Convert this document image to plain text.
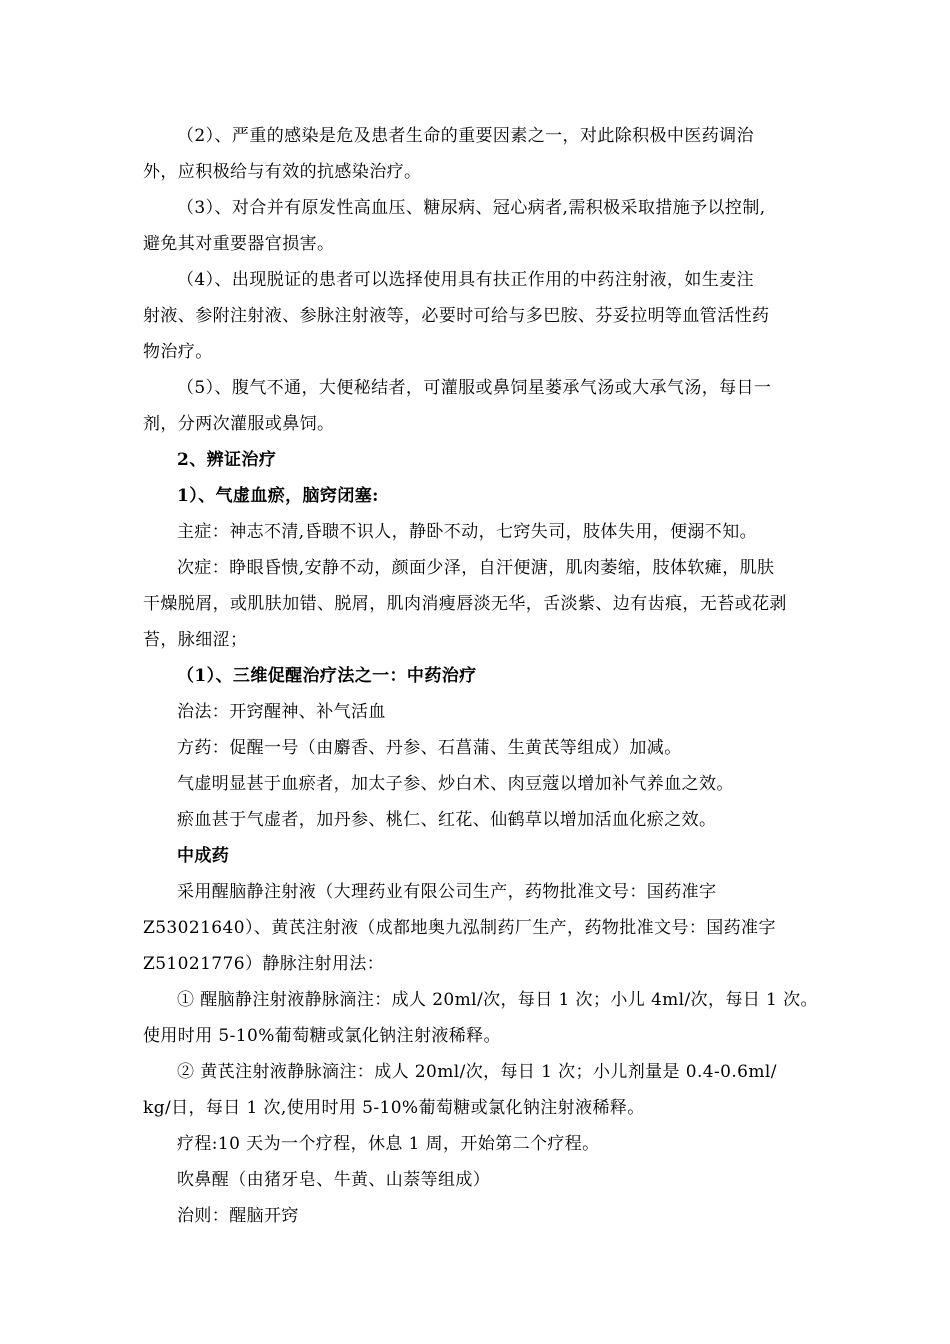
（2）、严重的感染是危及患者生命的重要因素之一，对此除积极中医药调治
外，应积极给与有效的抗感染治疗。
（3）、对合并有原发性高血压、糖尿病、冠心病者,需积极采取措施予以控制,
避免其对重要器官损害。
（4）、出现脱证的患者可以选择使用具有扶正作用的中药注射液，如生麦注
射液、参附注射液、参脉注射液等，必要时可给与多巴胺、芬妥拉明等血管活性药
物治疗。
（5）、腹气不通，大便秘结者，可灌服或鼻饲星蒌承气汤或大承气汤，每日一
剂，分两次灌服或鼻饲。
2、辨证治疗
1）、气虚血瘀，脑窍闭塞:
主症：神志不清,昏聩不识人，静卧不动，七窍失司，肢体失用，便溺不知。
次症：睁眼昏愦,安静不动，颜面少泽，自汗便溏，肌肉萎缩，肢体软瘫，肌肤
干燥脱屑，或肌肤加错、脱屑，肌肉消瘦唇淡无华，舌淡紫、边有齿痕，无苔或花剥
苔，脉细涩；
（1）、三维促醒治疗法之一：中药治疗
治法：开窍醒神、补气活血
方药：促醒一号（由麝香、丹参、石菖蒲、生黄芪等组成）加减。
气虚明显甚于血瘀者，加太子参、炒白术、肉豆蔻以增加补气养血之效。
瘀血甚于气虚者，加丹参、桃仁、红花、仙鹤草以增加活血化瘀之效。
中成药
采用醒脑静注射液（大理药业有限公司生产，药物批准文号：国药准字
Z53021640）、黄芪注射液（成都地奥九泓制药厂生产，药物批准文号：国药准字
Z51021776）静脉注射用法：
① 醒脑静注射液静脉滴注：成人 20ml/次，每日 1 次；小儿 4ml/次，每日 1 次。
使用时用 5-10%葡萄糖或氯化钠注射液稀释。
② 黄芪注射液静脉滴注：成人 20ml/次，每日 1 次；小儿剂量是 0.4-0.6ml/
kg/日，每日 1 次,使用时用 5-10%葡萄糖或氯化钠注射液稀释。
疗程:10 天为一个疗程，休息 1 周，开始第二个疗程。
吹鼻醒（由猪牙皂、牛黄、山萘等组成）
治则：醒脑开窍
